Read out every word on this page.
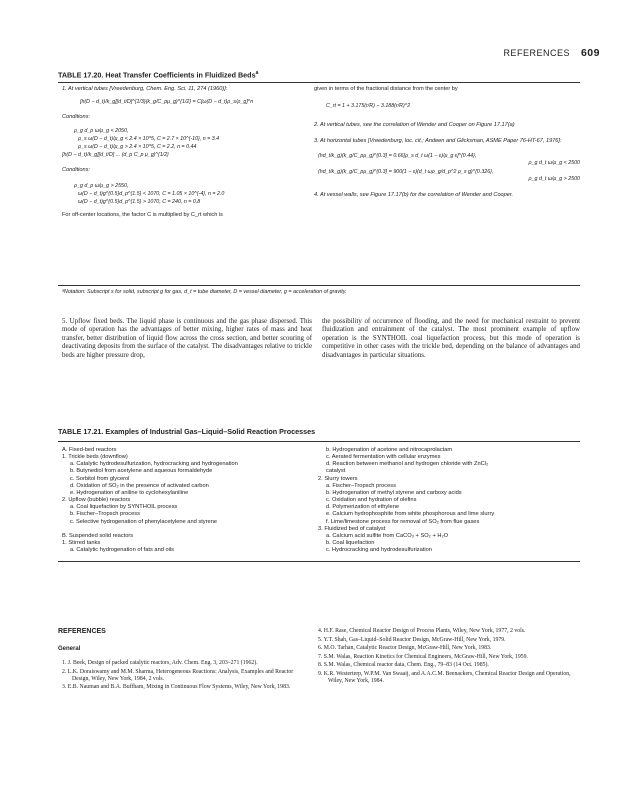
REFERENCES 609
TABLE 17.20. Heat Transfer Coefficients in Fluidized Beds$^a$
1. At vertical tubes [Vreedenburg, Chem. Eng. Sci. 11, 274 (1960)]:
[h(D − d_t)/k_g][d_t/D]^{1/3}(k_g/C_pμ_g)^{1/2} = C[ω(D − d_t)ρ_s/ρ_g]^n
Conditions:
ρ_g d_p ω/μ_g < 2050,
ρ_s ω(D − d_t)/μ_g < 2.4 × 10^5, C = 2.7 × 10^{-10}, n = 3.4
ρ_s ω(D − d_t)/μ_g > 2.4 × 10^5, C = 2.2, n = 0.44
[h(D − d_t)/k_g][d_t/D] ... (d_p C_p μ_g)^{1/2}
Conditions:
ρ_g d_p ω/μ_g > 2550,
ω(D − d_t)g^{0.5}d_p^{1.5} < 1070, C = 1.05 × 10^{-4}, n = 2.0
ω(D − d_t)g^{0.5}d_p^{1.5} > 1070, C = 240, n = 0.8
For off-center locations, the factor C is multiplied by C_rt which is
given in terms of the fractional distance from the center by
C_rt = 1 + 3.175(r/R) − 3.188(r/R)^2
2. At vertical tubes, see the correlation of Wender and Cooper on Figure 17.17(a)
3. At horizontal tubes [Vreedenburg, loc. cit.; Andeen and Glicksman, ASME Paper 76-HT-67, 1976]:
(hd_t/k_g)(k_g/C_pμ_g)^{0.3} = 0.66[ρ_s d_t ω(1 − ε)/μ_g ε]^{0.44},
ρ_g d_t ω/μ_g < 2500
(hd_t/k_g)(k_g/C_pμ_g)^{0.3} = 900(1 − ε)(d_t ωρ_g/d_p^2 ρ_s g)^{0.326},
ρ_g d_t ω/μ_g > 2500
4. At vessel walls, see Figure 17.17(b) for the correlation of Wender and Cooper.
ᵃNotation: Subscript s for solid, subscript g for gas, d_t = tube diameter, D = vessel diameter, g = acceleration of gravity.
5. Upflow fixed beds. The liquid phase is continuous and the gas phase dispersed. This mode of operation has the advantages of better mixing, higher rates of mass and heat transfer, better distribution of liquid flow across the cross section, and better scouring of deactivating deposits from the surface of the catalyst. The disadvantages relative to trickle beds are higher pressure drop,
the possibility of occurrence of flooding, and the need for mechanical restraint to prevent fluidization and entrainment of the catalyst. The most prominent example of upflow operation is the SYNTHOIL coal liquefaction process, but this mode of operation is competitive in other cases with the trickle bed, depending on the balance of advantages and disadvantages in particular situations.
TABLE 17.21. Examples of Industrial Gas–Liquid–Solid Reaction Processes
A. Fixed-bed reactors
1. Trickle beds (downflow)
a. Catalytic hydrodesulfurization, hydrocracking and hydrogenation
b. Butynediol from acetylene and aqueous formaldehyde
c. Sorbitol from glycerol
d. Oxidation of SO₂ in the presence of activated carbon
e. Hydrogenation of aniline to cyclohexylaniline
2. Upflow (bubble) reactors
a. Coal liquefaction by SYNTHOIL process
b. Fischer–Tropsch process
c. Selective hydrogenation of phenylacetylene and styrene
B. Suspended solid reactors
1. Stirred tanks
a. Catalytic hydrogenation of fats and oils
b. Hydrogenation of acetone and nitrocaprolactam
c. Aerated fermentation with cellular enzymes
d. Reaction between methanol and hydrogen chloride with ZnCl₂
catalyst
2. Slurry towers
a. Fischer–Tropsch process
b. Hydrogenation of methyl styrene and carboxy acids
c. Oxidation and hydration of olefins
d. Polymerization of ethylene
e. Calcium hydrophosphite from white phosphorous and lime slurry
f. Lime/limestone process for removal of SO₂ from flue gases
3. Fluidized bed of catalyst
a. Calcium acid sulfite from CaCO₃ + SO₂ + H₂O
b. Coal liquefaction
c. Hydrocracking and hydrodesulfurization
REFERENCES
General
1. J. Beek, Design of packed catalytic reactors, Adv. Chem. Eng. 3, 203–271 (1962).
2. L.K. Doraiswamy and M.M. Sharma, Heterogeneous Reactions: Analysis, Examples and Reactor Design, Wiley, New York, 1984, 2 vols.
3. E.B. Nauman and B.A. Buffham, Mixing in Continuous Flow Systems, Wiley, New York, 1983.
4. H.F. Rase, Chemical Reactor Design of Process Plants, Wiley, New York, 1977, 2 vols.
5. Y.T. Shah, Gas–Liquid–Solid Reactor Design, McGraw-Hill, New York, 1979.
6. M.O. Tarhan, Catalytic Reactor Design, McGraw-Hill, New York, 1983.
7. S.M. Walas, Reaction Kinetics for Chemical Engineers, McGraw-Hill, New York, 1959.
8. S.M. Walas, Chemical reactor data, Chem. Eng., 79–83 (14 Oct. 1985).
9. K.R. Westerterp, W.P.M. Van Swaaij, and A.A.C.M. Beenackers, Chemical Reactor Design and Operation, Wiley, New York, 1984.
